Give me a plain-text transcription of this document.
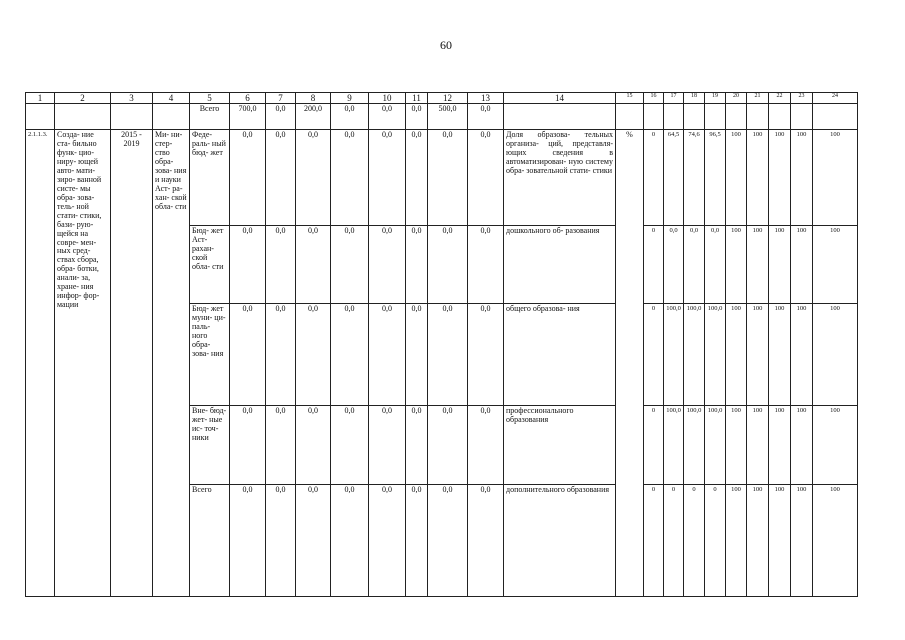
60
1	2	3	4	5	6	7	8	9	10	11	12	13	14	15	16	17	18	19	20	21	22	23	24
				Всего	700,0	0,0	200,0	0,0	0,0	0,0	500,0	0,0											
2.1.1.3.	Созда- ние ста- бильно функ- цио- ниру- ющей авто- мати- зиро- ванной систе- мы обра- зова- тель- ной стати- стики, бази- рую- щейся на совре- мен- ных сред- ствах сбора, обра- ботки, анали- за, хране- ния инфор- фор- мации	2015 - 2019	Ми- ни- стер- ство обра- зова- ния и науки Аст- ра- хан- ской обла- сти	Феде- раль- ный бюд- жет	0,0	0,0	0,0	0,0	0,0	0,0	0,0	0,0	Доля образова- тельных организа- ций, представля- ющих сведения в автоматизирован- ную систему обра- зовательной стати- стики	%	0	64,5	74,6	96,5	100	100	100	100	100
				Бюд- жет Аст- рахан- ской обла- сти	0,0	0,0	0,0	0,0	0,0	0,0	0,0	0,0	дошкольного об- разования		0	0,0	0,0	0,0	100	100	100	100	100
				Бюд- жет муни- ци- паль- ного обра- зова- ния	0,0	0,0	0,0	0,0	0,0	0,0	0,0	0,0	общего образова- ния		0	100,0	100,0	100,0	100	100	100	100	100
				Вне- бюд- жет- ные ис- точ- ники	0,0	0,0	0,0	0,0	0,0	0,0	0,0	0,0	профессионального образования		0	100,0	100,0	100,0	100	100	100	100	100
				Всего	0,0	0,0	0,0	0,0	0,0	0,0	0,0	0,0	дополнительного образования		0	0	0	0	100	100	100	100	100
